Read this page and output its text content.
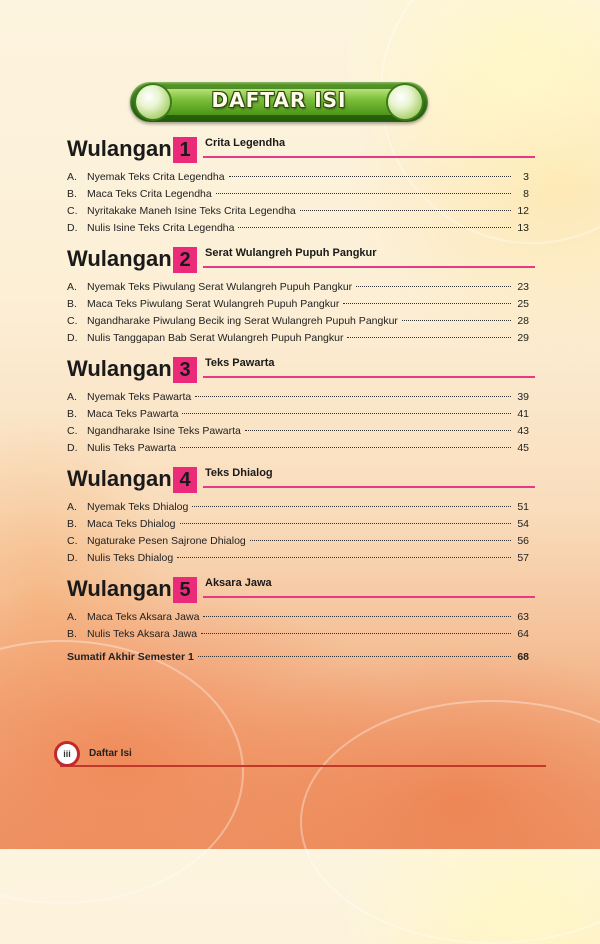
DAFTAR ISI
Wulangan 1	Crita Legendha
A. Nyemak Teks Crita Legendha	3
B. Maca Teks Crita Legendha	8
C. Nyritakake Maneh Isine Teks Crita Legendha	12
D. Nulis Isine Teks Crita Legendha	13
Wulangan 2	Serat Wulangreh Pupuh Pangkur
A. Nyemak Teks Piwulang Serat Wulangreh Pupuh Pangkur	23
B. Maca Teks Piwulang Serat Wulangreh Pupuh Pangkur	25
C. Ngandharake Piwulang Becik ing Serat Wulangreh Pupuh Pangkur	28
D. Nulis Tanggapan Bab Serat Wulangreh Pupuh Pangkur	29
Wulangan 3	Teks Pawarta
A. Nyemak Teks Pawarta	39
B. Maca Teks Pawarta	41
C. Ngandharake Isine Teks Pawarta	43
D. Nulis Teks Pawarta	45
Wulangan 4	Teks Dhialog
A. Nyemak Teks Dhialog	51
B. Maca Teks Dhialog	54
C. Ngaturake Pesen Sajrone Dhialog	56
D. Nulis Teks Dhialog	57
Wulangan 5	Aksara Jawa
A. Maca Teks Aksara Jawa	63
B. Nulis Teks Aksara Jawa	64
Sumatif Akhir Semester 1	68
iii	Daftar Isi
